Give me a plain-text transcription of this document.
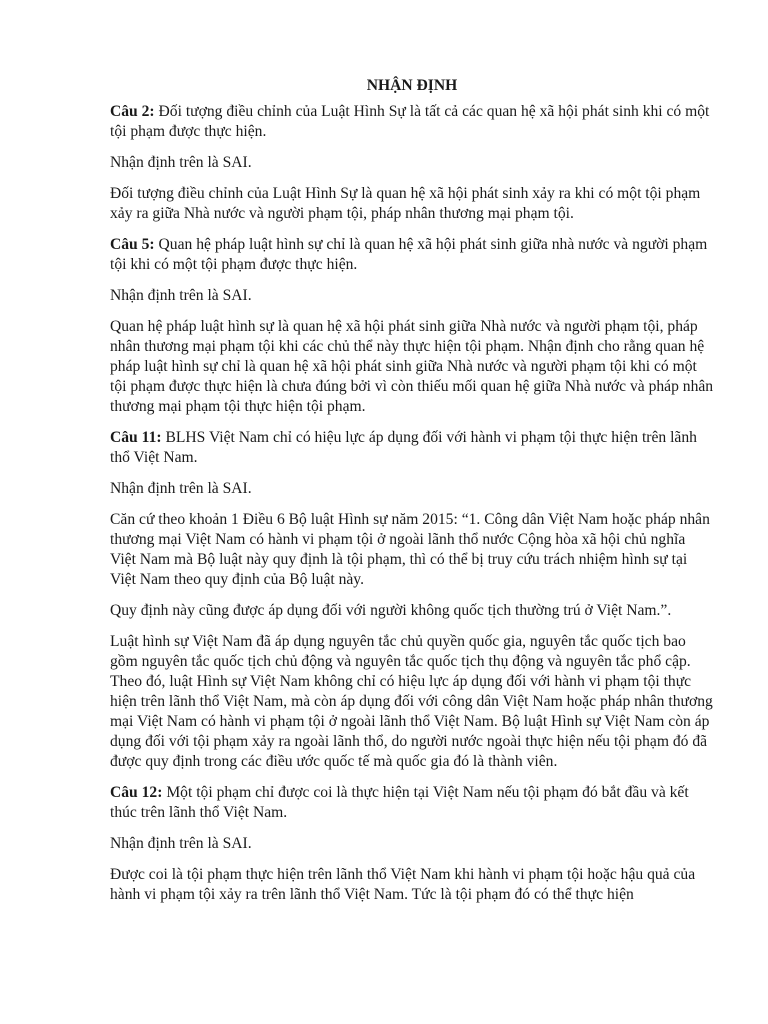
NHẬN ĐỊNH

Câu 2: Đối tượng điều chỉnh của Luật Hình Sự là tất cả các quan hệ xã hội phát sinh khi có một tội phạm được thực hiện.

Nhận định trên là SAI.

Đối tượng điều chỉnh của Luật Hình Sự là quan hệ xã hội phát sinh xảy ra khi có một tội phạm xảy ra giữa Nhà nước và người phạm tội, pháp nhân thương mại phạm tội.

Câu 5: Quan hệ pháp luật hình sự chỉ là quan hệ xã hội phát sinh giữa nhà nước và người phạm tội khi có một tội phạm được thực hiện.

Nhận định trên là SAI.

Quan hệ pháp luật hình sự là quan hệ xã hội phát sinh giữa Nhà nước và người phạm tội, pháp nhân thương mại phạm tội khi các chủ thể này thực hiện tội phạm. Nhận định cho rằng quan hệ pháp luật hình sự chỉ là quan hệ xã hội phát sinh giữa Nhà nước và người phạm tội khi có một tội phạm được thực hiện là chưa đúng bởi vì còn thiếu mối quan hệ giữa Nhà nước và pháp nhân thương mại phạm tội thực hiện tội phạm.

Câu 11: BLHS Việt Nam chỉ có hiệu lực áp dụng đối với hành vi phạm tội thực hiện trên lãnh thổ Việt Nam.

Nhận định trên là SAI.

Căn cứ theo khoản 1 Điều 6 Bộ luật Hình sự năm 2015: “1. Công dân Việt Nam hoặc pháp nhân thương mại Việt Nam có hành vi phạm tội ở ngoài lãnh thổ nước Cộng hòa xã hội chủ nghĩa Việt Nam mà Bộ luật này quy định là tội phạm, thì có thể bị truy cứu trách nhiệm hình sự tại Việt Nam theo quy định của Bộ luật này.

Quy định này cũng được áp dụng đối với người không quốc tịch thường trú ở Việt Nam.”.

Luật hình sự Việt Nam đã áp dụng nguyên tắc chủ quyền quốc gia, nguyên tắc quốc tịch bao gồm nguyên tắc quốc tịch chủ động và nguyên tắc quốc tịch thụ động và nguyên tắc phổ cập. Theo đó, luật Hình sự Việt Nam không chỉ có hiệu lực áp dụng đối với hành vi phạm tội thực hiện trên lãnh thổ Việt Nam, mà còn áp dụng đối với công dân Việt Nam hoặc pháp nhân thương mại Việt Nam có hành vi phạm tội ở ngoài lãnh thổ Việt Nam. Bộ luật Hình sự Việt Nam còn áp dụng đối với tội phạm xảy ra ngoài lãnh thổ, do người nước ngoài thực hiện nếu tội phạm đó đã được quy định trong các điều ước quốc tế mà quốc gia đó là thành viên.

Câu 12: Một tội phạm chỉ được coi là thực hiện tại Việt Nam nếu tội phạm đó bắt đầu và kết thúc trên lãnh thổ Việt Nam.

Nhận định trên là SAI.

Được coi là tội phạm thực hiện trên lãnh thổ Việt Nam khi hành vi phạm tội hoặc hậu quả của hành vi phạm tội xảy ra trên lãnh thổ Việt Nam. Tức là tội phạm đó có thể thực hiện
